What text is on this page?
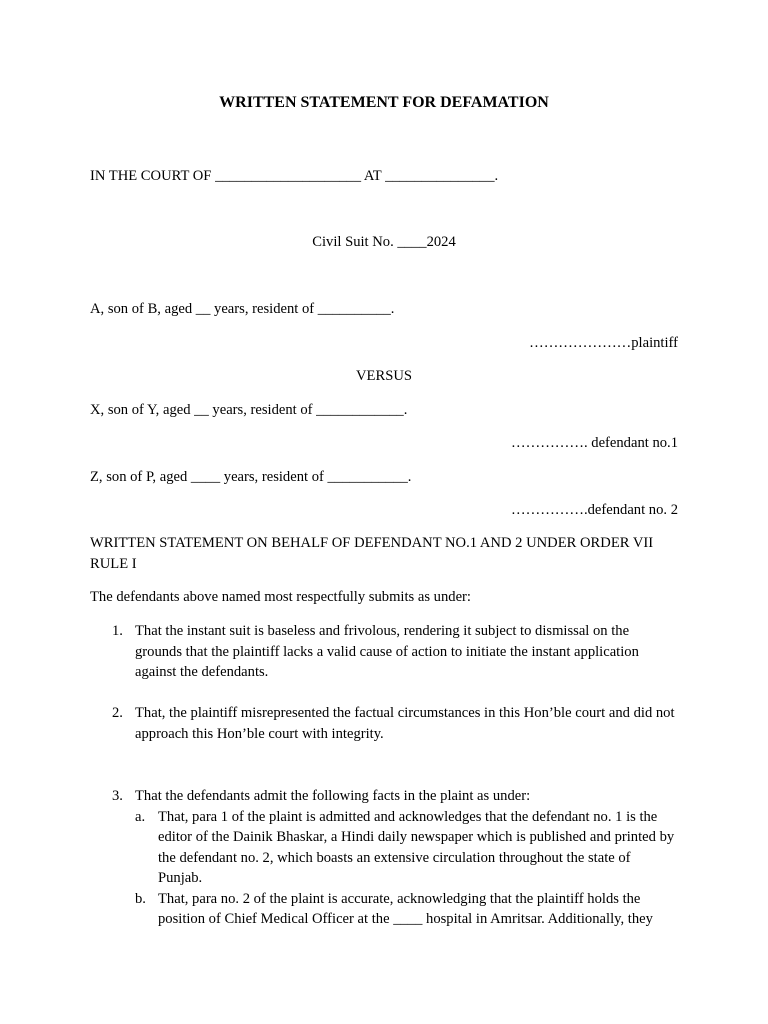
WRITTEN STATEMENT FOR DEFAMATION
IN THE COURT OF ____________________ AT _______________.
Civil Suit No. ____2024
A, son of B, aged __ years, resident of __________.
…………………plaintiff
VERSUS
X, son of Y, aged __ years, resident of ____________.
……………. defendant no.1
Z, son of P, aged ____ years, resident of ___________.
…………….defendant no. 2
WRITTEN STATEMENT ON BEHALF OF DEFENDANT NO.1 AND 2 UNDER ORDER VII RULE I
The defendants above named most respectfully submits as under:
1. That the instant suit is baseless and frivolous, rendering it subject to dismissal on the grounds that the plaintiff lacks a valid cause of action to initiate the instant application against the defendants.
2. That, the plaintiff misrepresented the factual circumstances in this Hon’ble court and did not approach this Hon’ble court with integrity.
3. That the defendants admit the following facts in the plaint as under:
a. That, para 1 of the plaint is admitted and acknowledges that the defendant no. 1 is the editor of the Dainik Bhaskar, a Hindi daily newspaper which is published and printed by the defendant no. 2, which boasts an extensive circulation throughout the state of Punjab.
b. That, para no. 2 of the plaint is accurate, acknowledging that the plaintiff holds the position of Chief Medical Officer at the ____ hospital in Amritsar. Additionally, they
